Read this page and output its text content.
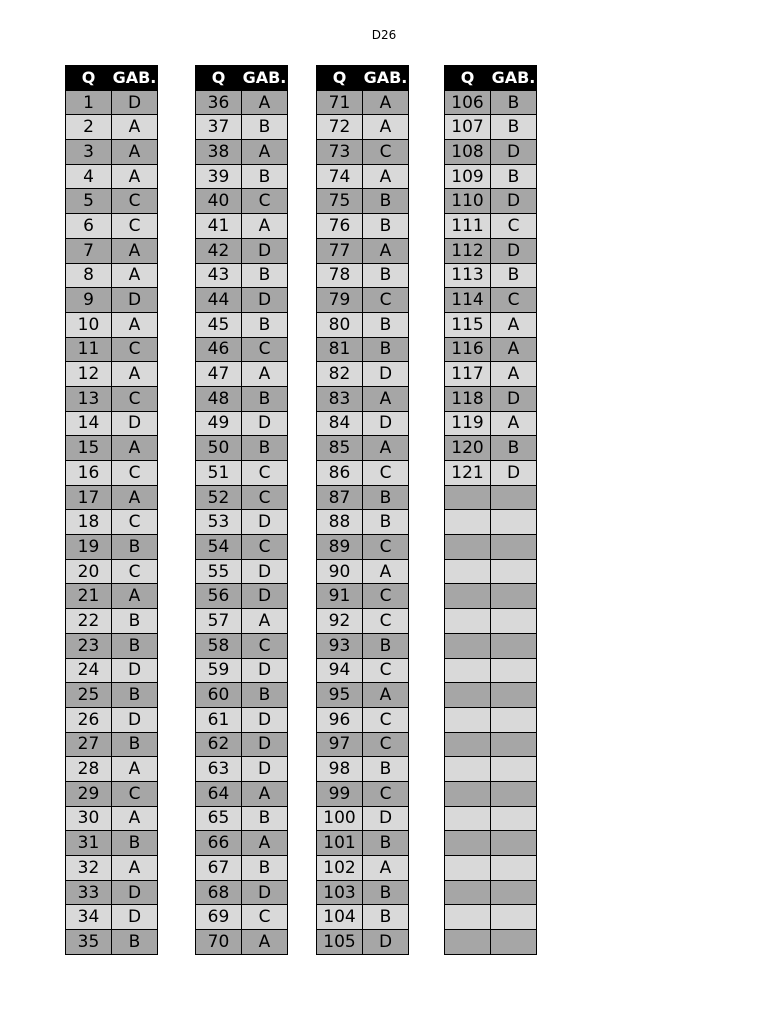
D26
Q	GAB.
1	D
2	A
3	A
4	A
5	C
6	C
7	A
8	A
9	D
10	A
11	C
12	A
13	C
14	D
15	A
16	C
17	A
18	C
19	B
20	C
21	A
22	B
23	B
24	D
25	B
26	D
27	B
28	A
29	C
30	A
31	B
32	A
33	D
34	D
35	B
Q	GAB.
36	A
37	B
38	A
39	B
40	C
41	A
42	D
43	B
44	D
45	B
46	C
47	A
48	B
49	D
50	B
51	C
52	C
53	D
54	C
55	D
56	D
57	A
58	C
59	D
60	B
61	D
62	D
63	D
64	A
65	B
66	A
67	B
68	D
69	C
70	A
Q	GAB.
71	A
72	A
73	C
74	A
75	B
76	B
77	A
78	B
79	C
80	B
81	B
82	D
83	A
84	D
85	A
86	C
87	B
88	B
89	C
90	A
91	C
92	C
93	B
94	C
95	A
96	C
97	C
98	B
99	C
100	D
101	B
102	A
103	B
104	B
105	D
Q	GAB.
106	B
107	B
108	D
109	B
110	D
111	C
112	D
113	B
114	C
115	A
116	A
117	A
118	D
119	A
120	B
121	D
